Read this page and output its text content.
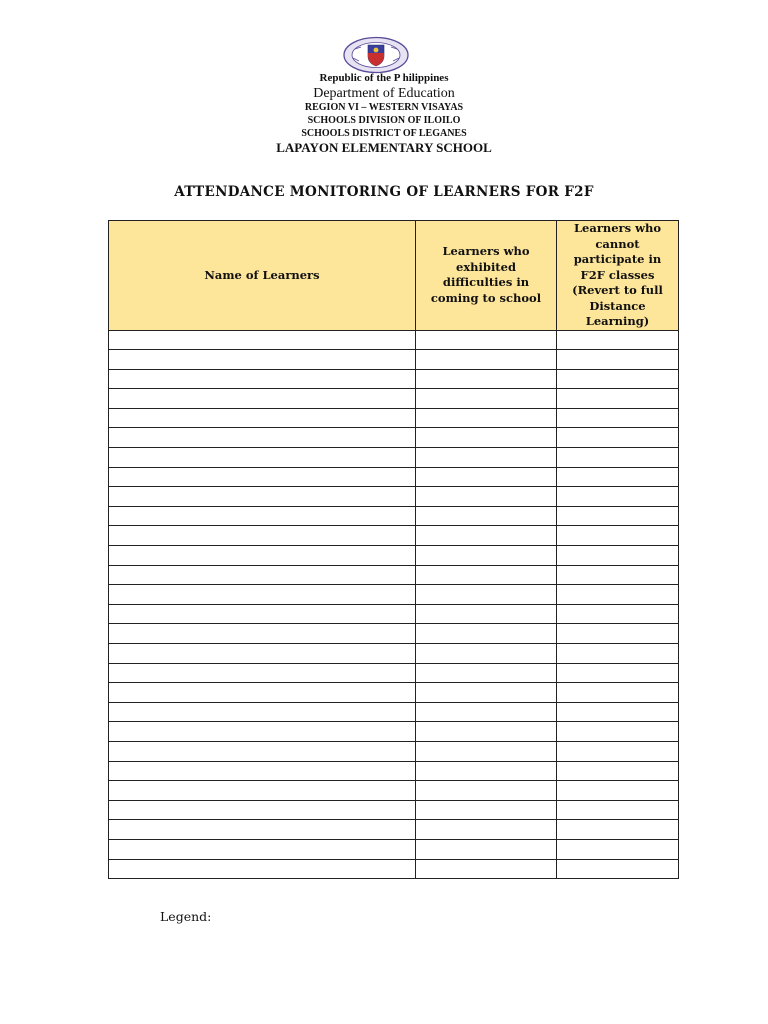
Republic of the P hilippines
Department of Education
REGION VI – WESTERN VISAYAS
SCHOOLS DIVISION OF ILOILO
SCHOOLS DISTRICT OF LEGANES
LAPAYON ELEMENTARY SCHOOL
ATTENDANCE MONITORING OF LEARNERS FOR F2F
Name of Learners	Learners who exhibited difficulties in coming to school	Learners who cannot participate in F2F classes (Revert to full Distance Learning)

Legend:
